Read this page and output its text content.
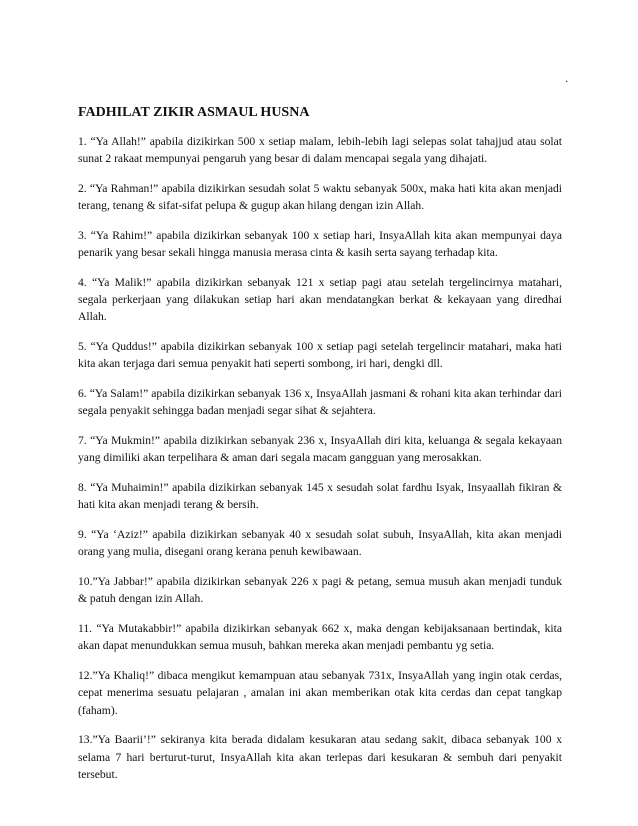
.
FADHILAT ZIKIR ASMAUL HUSNA

1. “Ya Allah!” apabila dizikirkan 500 x setiap malam, lebih-lebih lagi selepas solat tahajjud atau solat sunat 2 rakaat mempunyai pengaruh yang besar di dalam mencapai segala yang dihajati.

2. “Ya Rahman!” apabila dizikirkan sesudah solat 5 waktu sebanyak 500x, maka hati kita akan menjadi terang, tenang & sifat-sifat pelupa & gugup akan hilang dengan izin Allah.

3. “Ya Rahim!” apabila dizikirkan sebanyak 100 x setiap hari, InsyaAllah kita akan mempunyai daya penarik yang besar sekali hingga manusia merasa cinta & kasih serta sayang terhadap kita.

4. “Ya Malik!” apabila dizikirkan sebanyak 121 x setiap pagi atau setelah tergelincirnya matahari, segala perkerjaan yang dilakukan setiap hari akan mendatangkan berkat & kekayaan yang diredhai Allah.

5. “Ya Quddus!” apabila dizikirkan sebanyak 100 x setiap pagi setelah tergelincir matahari, maka hati kita akan terjaga dari semua penyakit hati seperti sombong, iri hari, dengki dll.

6. “Ya Salam!” apabila dizikirkan sebanyak 136 x, InsyaAllah jasmani & rohani kita akan terhindar dari segala penyakit sehingga badan menjadi segar sihat & sejahtera.

7. “Ya Mukmin!” apabila dizikirkan sebanyak 236 x, InsyaAllah diri kita, keluanga & segala kekayaan yang dimiliki akan terpelihara & aman dari segala macam gangguan yang merosakkan.

8. “Ya Muhaimin!” apabila dizikirkan sebanyak 145 x sesudah solat fardhu Isyak, Insyaallah fikiran & hati kita akan menjadi terang & bersih.

9. “Ya ‘Aziz!” apabila dizikirkan sebanyak 40 x sesudah solat subuh, InsyaAllah, kita akan menjadi orang yang mulia, disegani orang kerana penuh kewibawaan.

10.”Ya Jabbar!” apabila dizikirkan sebanyak 226 x pagi & petang, semua musuh akan menjadi tunduk & patuh dengan izin Allah.

11. “Ya Mutakabbir!” apabila dizikirkan sebanyak 662 x, maka dengan kebijaksanaan bertindak, kita akan dapat menundukkan semua musuh, bahkan mereka akan menjadi pembantu yg setia.

12.”Ya Khaliq!” dibaca mengikut kemampuan atau sebanyak 731x, InsyaAllah yang ingin otak cerdas, cepat menerima sesuatu pelajaran , amalan ini akan memberikan otak kita cerdas dan cepat tangkap (faham).

13.”Ya Baarii’!” sekiranya kita berada didalam kesukaran atau sedang sakit, dibaca sebanyak 100 x selama 7 hari berturut-turut, InsyaAllah kita akan terlepas dari kesukaran & sembuh dari penyakit tersebut.
